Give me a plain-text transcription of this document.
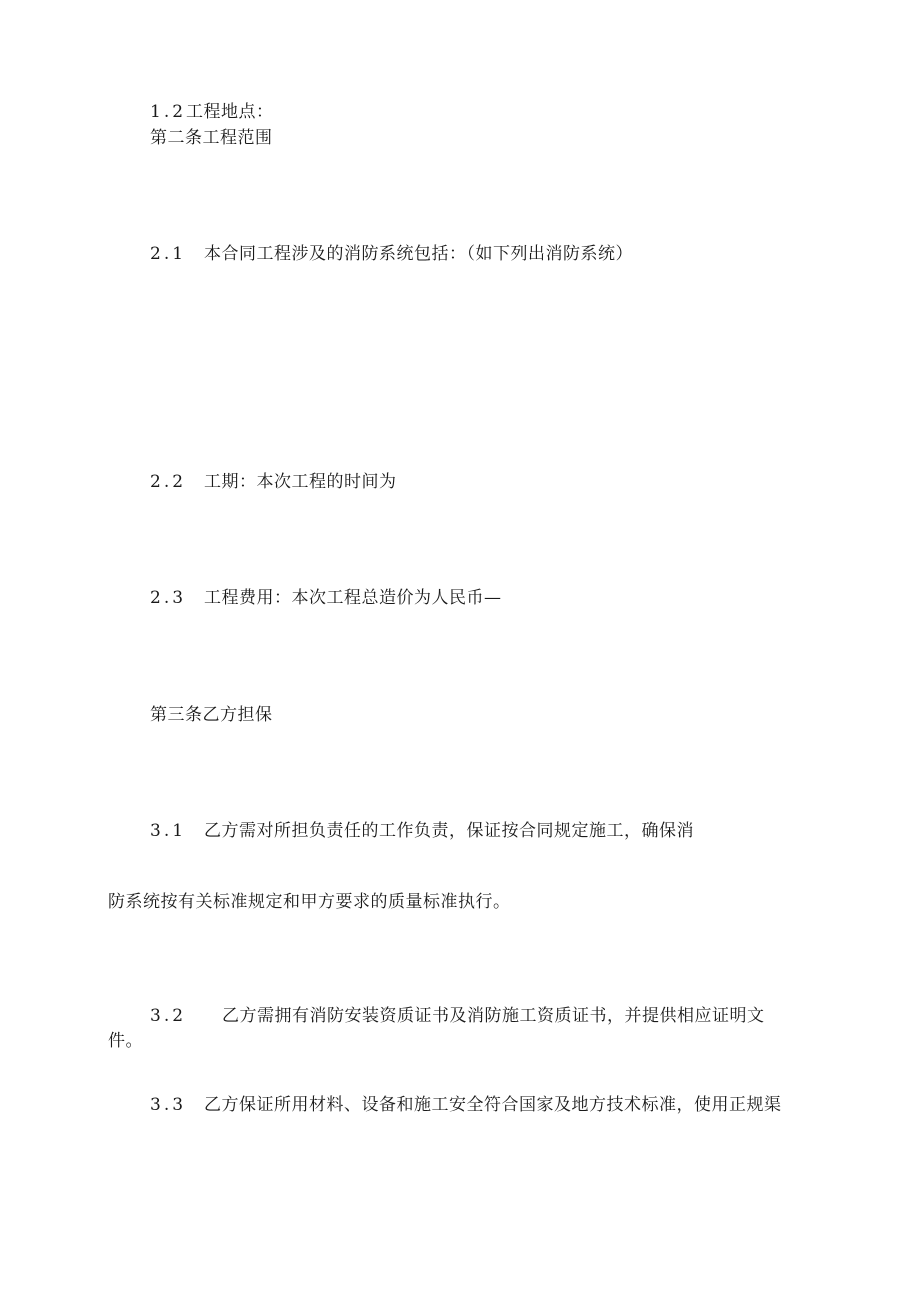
1.2工程地点：
第二条工程范围
2.1 本合同工程涉及的消防系统包括：（如下列出消防系统）
2.2 工期：本次工程的时间为
2.3 工程费用：本次工程总造价为人民币—
第三条乙方担保
3.1 乙方需对所担负责任的工作负责，保证按合同规定施工，确保消
防系统按有关标准规定和甲方要求的质量标准执行。
3.2 乙方需拥有消防安装资质证书及消防施工资质证书，并提供相应证明文
件。
3.3 乙方保证所用材料、设备和施工安全符合国家及地方技术标准，使用正规渠
